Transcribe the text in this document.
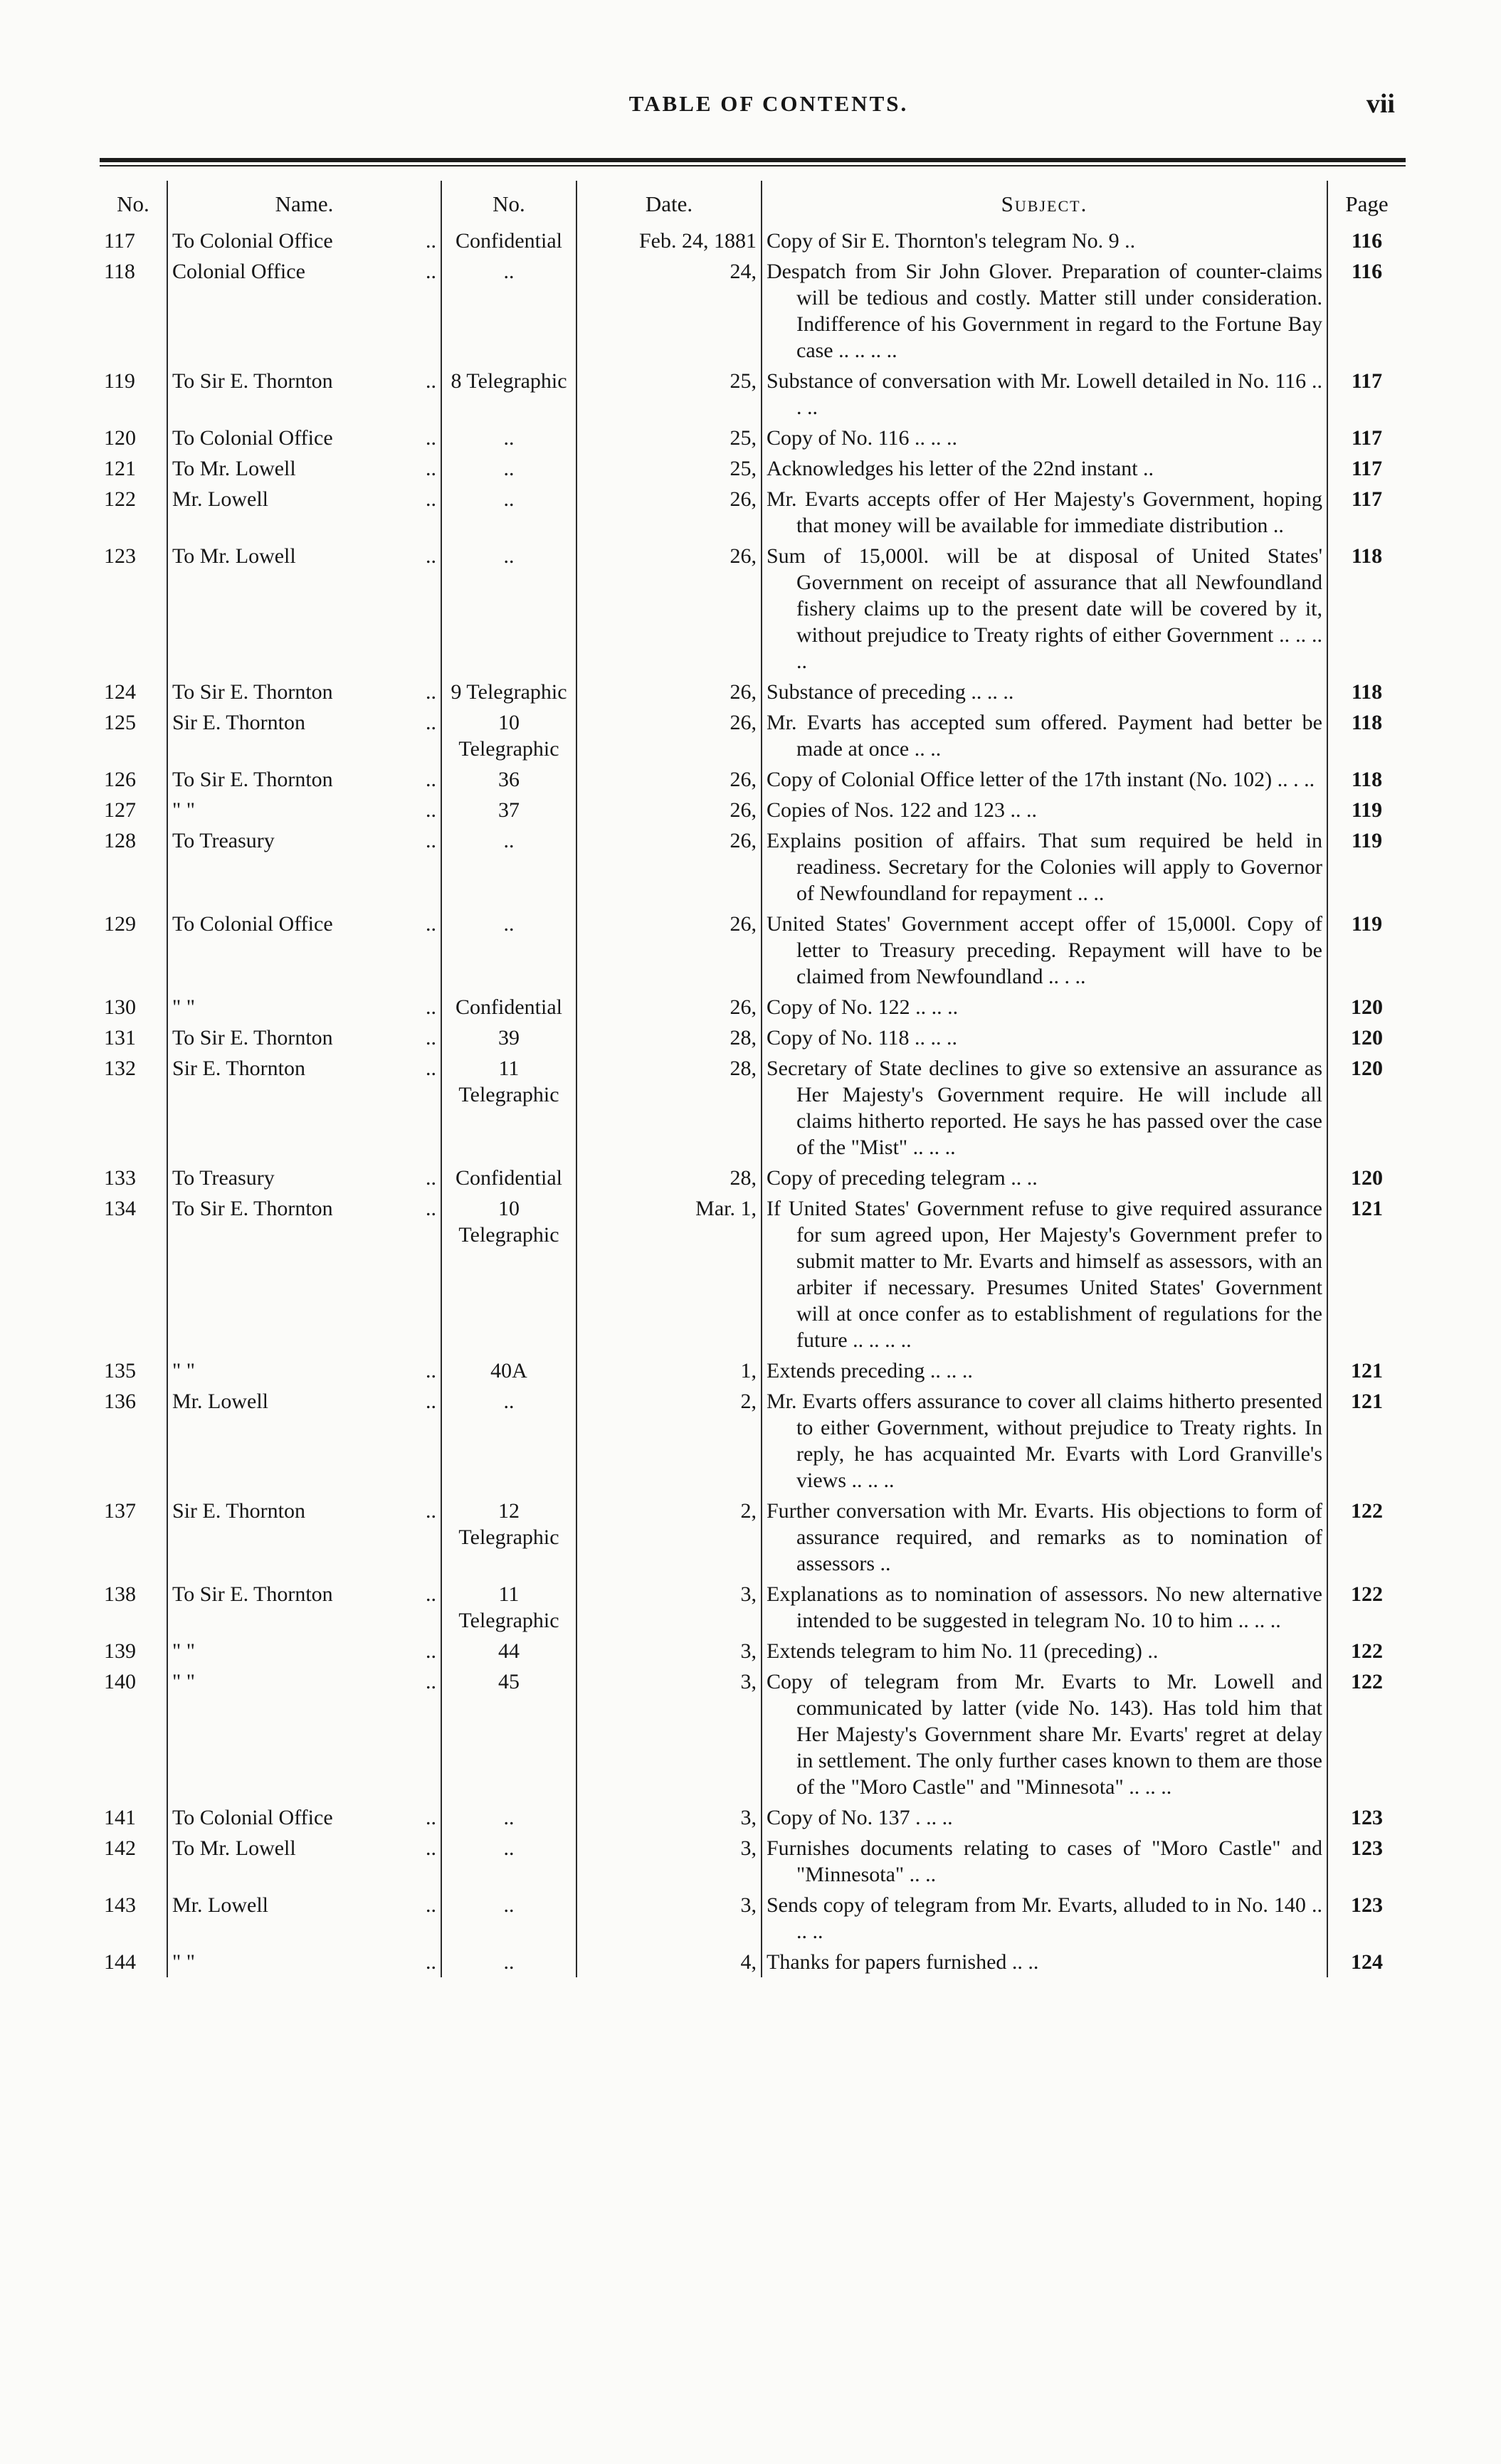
TABLE OF CONTENTS.	vii
No.	Name.	No.	Date.	Subject.	Page
117	To Colonial Office ..	Confidential	Feb. 24, 1881	Copy of Sir E. Thornton's telegram No. 9 ..	116
118	Colonial Office ..	..	24,	Despatch from Sir John Glover. Preparation of counter-claims will be tedious and costly. Matter still under consideration. Indifference of his Government in regard to the Fortune Bay case .. .. .. ..	116
119	To Sir E. Thornton ..	8 Telegraphic	25,	Substance of conversation with Mr. Lowell detailed in No. 116 .. . ..	117
120	To Colonial Office ..	..	25,	Copy of No. 116 .. .. ..	117
121	To Mr. Lowell ..	..	25,	Acknowledges his letter of the 22nd instant ..	117
122	Mr. Lowell ..	..	26,	Mr. Evarts accepts offer of Her Majesty's Government, hoping that money will be available for immediate distribution ..	117
123	To Mr. Lowell ..	..	26,	Sum of 15,000l. will be at disposal of United States' Government on receipt of assurance that all Newfoundland fishery claims up to the present date will be covered by it, without prejudice to Treaty rights of either Government .. .. .. ..	118
124	To Sir E. Thornton ..	9 Telegraphic	26,	Substance of preceding .. .. ..	118
125	Sir E. Thornton ..	10 Telegraphic	26,	Mr. Evarts has accepted sum offered. Payment had better be made at once .. ..	118
126	To Sir E. Thornton ..	36	26,	Copy of Colonial Office letter of the 17th instant (No. 102) .. . ..	118
127	" " ..	37	26,	Copies of Nos. 122 and 123 .. ..	119
128	To Treasury ..	..	26,	Explains position of affairs. That sum required be held in readiness. Secretary for the Colonies will apply to Governor of Newfoundland for repayment .. ..	119
129	To Colonial Office ..	..	26,	United States' Government accept offer of 15,000l. Copy of letter to Treasury preceding. Repayment will have to be claimed from Newfoundland .. . ..	119
130	" " ..	Confidential	26,	Copy of No. 122 .. .. ..	120
131	To Sir E. Thornton ..	39	28,	Copy of No. 118 .. .. ..	120
132	Sir E. Thornton ..	11 Telegraphic	28,	Secretary of State declines to give so extensive an assurance as Her Majesty's Government require. He will include all claims hitherto reported. He says he has passed over the case of the "Mist" .. .. ..	120
133	To Treasury ..	Confidential	28,	Copy of preceding telegram .. ..	120
134	To Sir E. Thornton ..	10 Telegraphic	Mar. 1,	If United States' Government refuse to give required assurance for sum agreed upon, Her Majesty's Government prefer to submit matter to Mr. Evarts and himself as assessors, with an arbiter if necessary. Presumes United States' Government will at once confer as to establishment of regulations for the future .. .. .. ..	121
135	" " ..	40A	1,	Extends preceding .. .. ..	121
136	Mr. Lowell ..	..	2,	Mr. Evarts offers assurance to cover all claims hitherto presented to either Government, without prejudice to Treaty rights. In reply, he has acquainted Mr. Evarts with Lord Granville's views .. .. ..	121
137	Sir E. Thornton ..	12 Telegraphic	2,	Further conversation with Mr. Evarts. His objections to form of assurance required, and remarks as to nomination of assessors ..	122
138	To Sir E. Thornton ..	11 Telegraphic	3,	Explanations as to nomination of assessors. No new alternative intended to be suggested in telegram No. 10 to him .. .. ..	122
139	" " ..	44	3,	Extends telegram to him No. 11 (preceding) ..	122
140	" " ..	45	3,	Copy of telegram from Mr. Evarts to Mr. Lowell and communicated by latter (vide No. 143). Has told him that Her Majesty's Government share Mr. Evarts' regret at delay in settlement. The only further cases known to them are those of the "Moro Castle" and "Minnesota" .. .. ..	122
141	To Colonial Office ..	..	3,	Copy of No. 137 . .. ..	123
142	To Mr. Lowell ..	..	3,	Furnishes documents relating to cases of "Moro Castle" and "Minnesota" .. ..	123
143	Mr. Lowell ..	..	3,	Sends copy of telegram from Mr. Evarts, alluded to in No. 140 .. .. ..	123
144	" " ..	..	4,	Thanks for papers furnished .. ..	124
